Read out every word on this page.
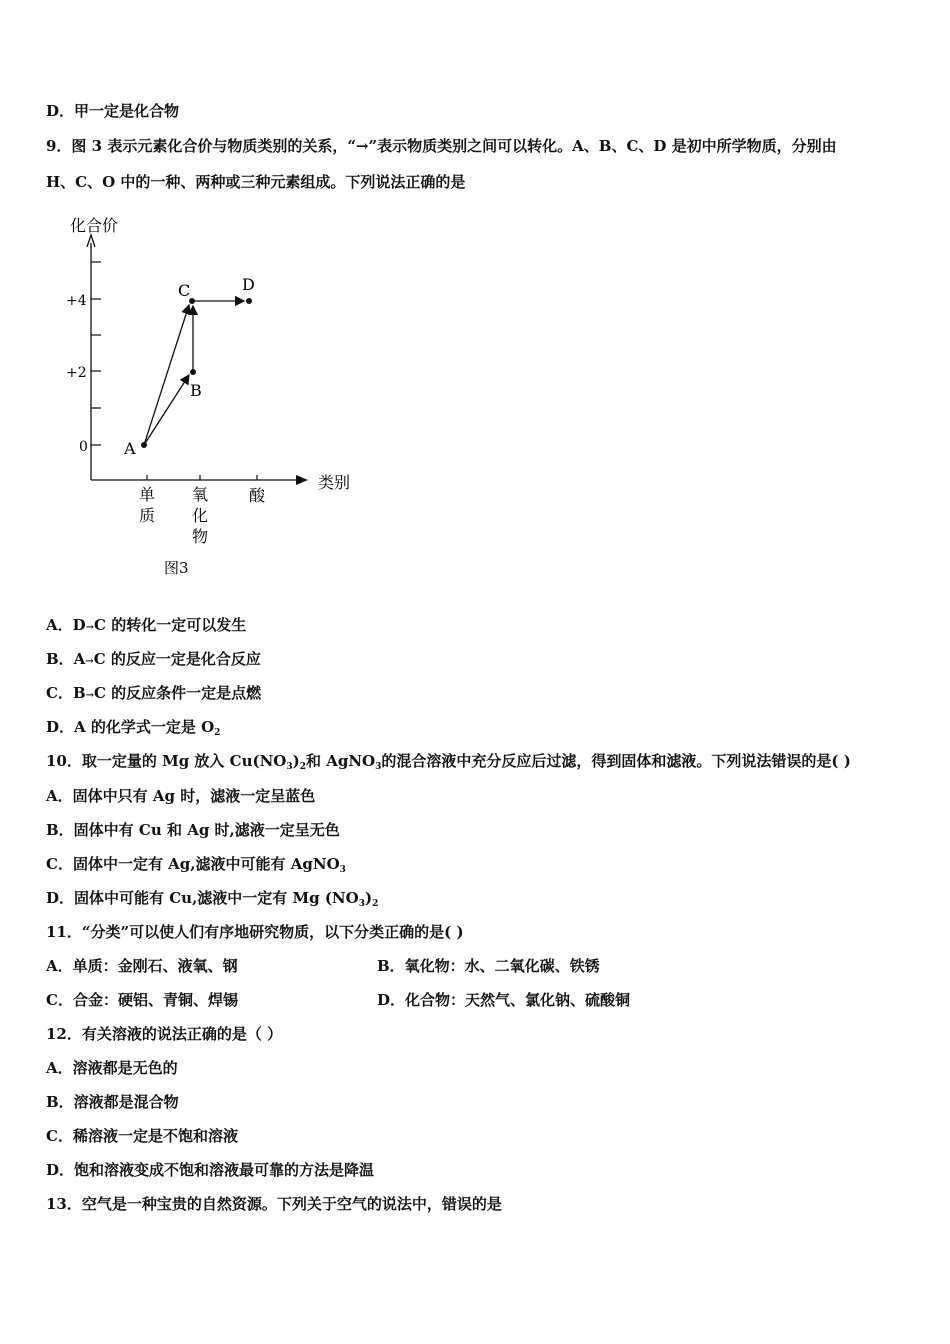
D．甲一定是化合物
9．图 3 表示元素化合价与物质类别的关系，“→”表示物质类别之间可以转化。A、B、C、D 是初中所学物质，分别由
H、C、O 中的一种、两种或三种元素组成。下列说法正确的是
化合价
类别
+4
+2
0
单
质
氧
化
物
酸
A
B
C	D
图3
A．D→C 的转化一定可以发生
B．A→C 的反应一定是化合反应
C．B→C 的反应条件一定是点燃
D．A 的化学式一定是 $O_2$
10．取一定量的 Mg 放入 $Cu(NO_3)_2$和 AgNO$_3$的混合溶液中充分反应后过滤，得到固体和滤液。下列说法错误的是( )
A．固体中只有 Ag 时，滤液一定呈蓝色
B．固体中有 Cu 和 Ag 时,滤液一定呈无色
C．固体中一定有 Ag,滤液中可能有 AgNO$_3$
D．固体中可能有 Cu,滤液中一定有 Mg $(NO_3)_2$
11．“分类”可以使人们有序地研究物质，以下分类正确的是( )
A．单质：金刚石、液氧、钢	B．氧化物：水、二氧化碳、铁锈
C．合金：硬铝、青铜、焊锡	D．化合物：天然气、氯化钠、硫酸铜
12．有关溶液的说法正确的是（ ）
A．溶液都是无色的
B．溶液都是混合物
C．稀溶液一定是不饱和溶液
D．饱和溶液变成不饱和溶液最可靠的方法是降温
13．空气是一种宝贵的自然资源。下列关于空气的说法中，错误的是
